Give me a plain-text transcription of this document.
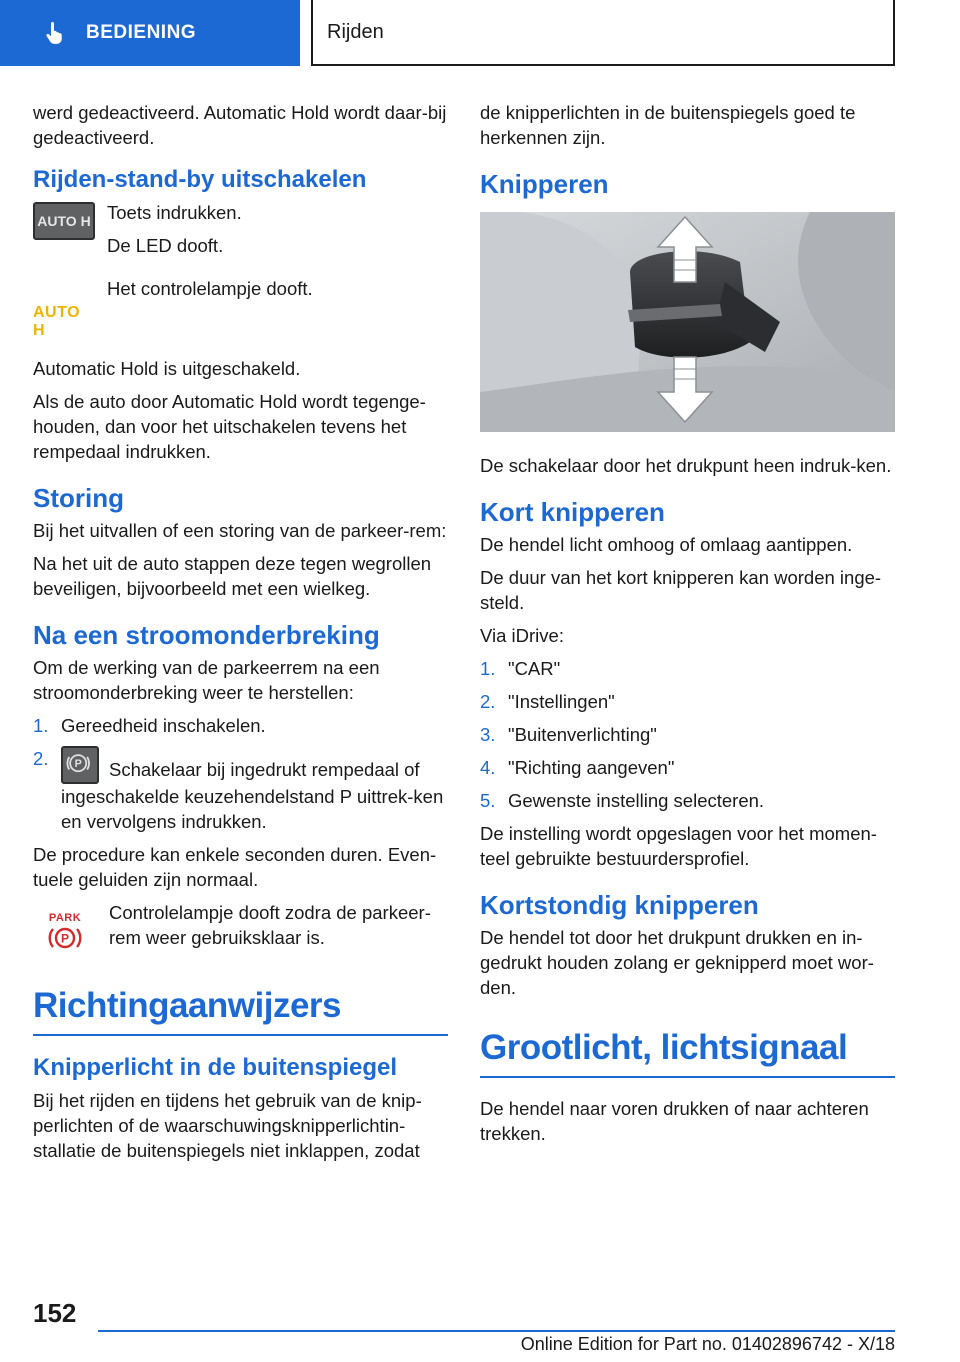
BEDIENING	Rijden

werd gedeactiveerd. Automatic Hold wordt daar-bij gedeactiveerd.

Rijden-stand-by uitschakelen
AUTO H Toets indrukken.

De LED dooft.

AUTO H

Het controlelampje dooft.

Automatic Hold is uitgeschakeld.

Als de auto door Automatic Hold wordt tegenge-houden, dan voor het uitschakelen tevens het rempedaal indrukken.

Storing

Bij het uitvallen of een storing van de parkeer-rem:

Na het uit de auto stappen deze tegen wegrollen beveiligen, bijvoorbeeld met een wielkeg.

Na een stroomonderbreking

Om de werking van de parkeerrem na een stroomonderbreking weer te herstellen:

1. Gereedheid inschakelen.
2.	P Schakelaar bij ingedrukt rempedaal of ingeschakelde keuzehendelstand P uittrek-ken en vervolgens indrukken.

De procedure kan enkele seconden duren. Even-tuele geluiden zijn normaal.

PARK
P

Controlelampje dooft zodra de parkeer-rem weer gebruiksklaar is.

Richtingaanwijzers
Knipperlicht in de buitenspiegel

Bij het rijden en tijdens het gebruik van de knip-perlichten of de waarschuwingsknipperlichtin-stallatie de buitenspiegels niet inklappen, zodat

de knipperlichten in de buitenspiegels goed te herkennen zijn.

Knipperen

De schakelaar door het drukpunt heen indruk-ken.

Kort knipperen

De hendel licht omhoog of omlaag aantippen.

De duur van het kort knipperen kan worden inge-steld.

Via iDrive:

1. "CAR"
2. "Instellingen"
3. "Buitenverlichting"
4. "Richting aangeven"
5. Gewenste instelling selecteren.

De instelling wordt opgeslagen voor het momen-teel gebruikte bestuurdersprofiel.

Kortstondig knipperen

De hendel tot door het drukpunt drukken en in-gedrukt houden zolang er geknipperd moet wor-den.

Grootlicht, lichtsignaal

De hendel naar voren drukken of naar achteren trekken.

152
Online Edition for Part no. 01402896742 - X/18
